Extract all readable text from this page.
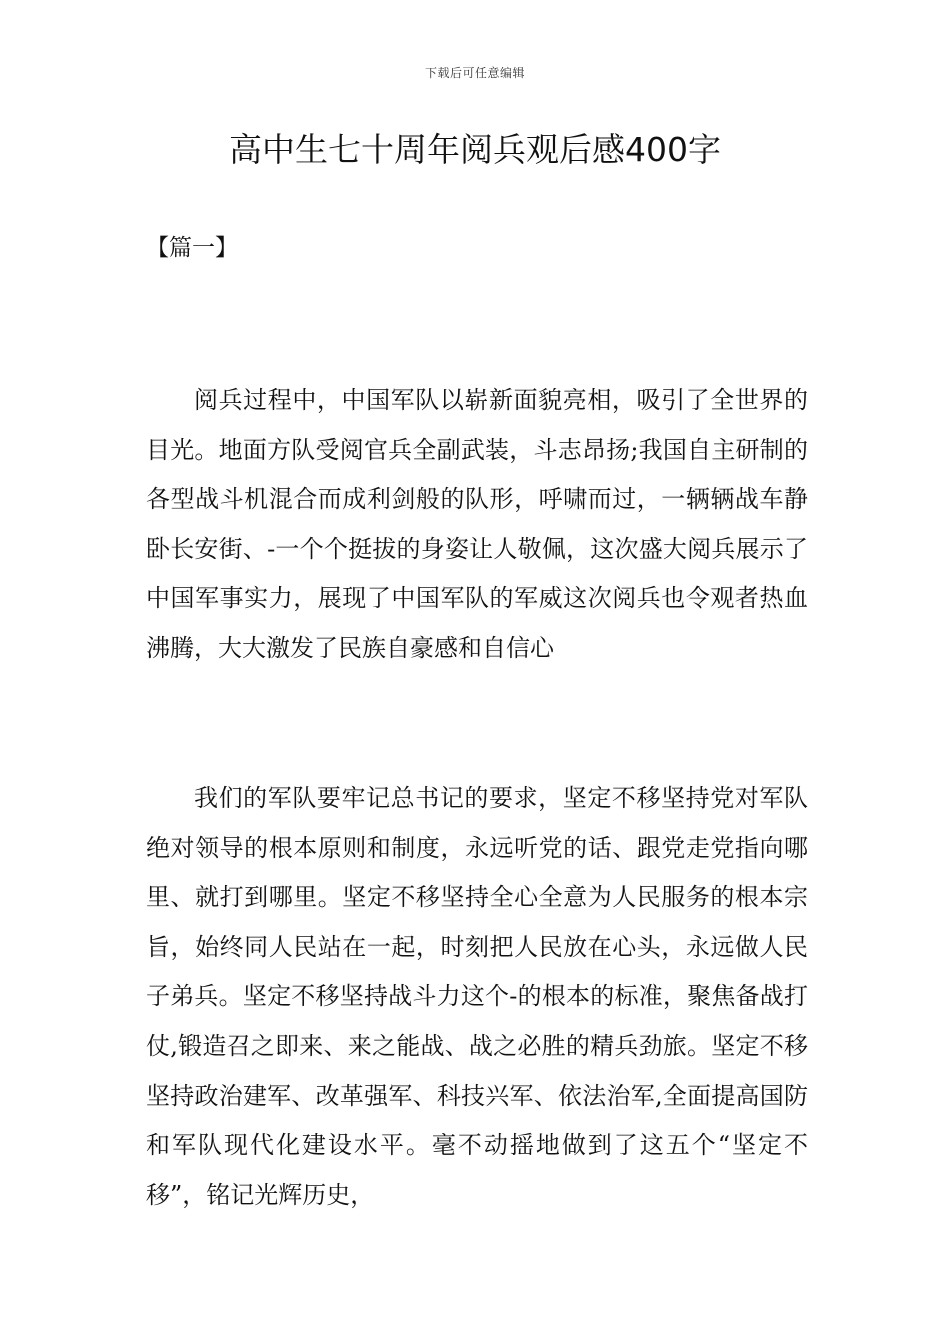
下载后可任意编辑
高中生七十周年阅兵观后感400字
【篇一】

阅兵过程中，中国军队以崭新面貌亮相，吸引了全世界的目光。地面方队受阅官兵全副武装，斗志昂扬;我国自主研制的各型战斗机混合而成利剑般的队形，呼啸而过，一辆辆战车静卧长安街、-一个个挺拔的身姿让人敬佩，这次盛大阅兵展示了中国军事实力，展现了中国军队的军威这次阅兵也令观者热血沸腾，大大激发了民族自豪感和自信心

我们的军队要牢记总书记的要求，坚定不移坚持党对军队绝对领导的根本原则和制度，永远听党的话、跟党走党指向哪里、就打到哪里。坚定不移坚持全心全意为人民服务的根本宗旨，始终同人民站在一起，时刻把人民放在心头，永远做人民子弟兵。坚定不移坚持战斗力这个-的根本的标准，聚焦备战打仗,锻造召之即来、来之能战、战之必胜的精兵劲旅。坚定不移坚持政治建军、改革强军、科技兴军、依法治军,全面提高国防和军队现代化建设水平。毫不动摇地做到了这五个“坚定不移”，铭记光辉历史，
